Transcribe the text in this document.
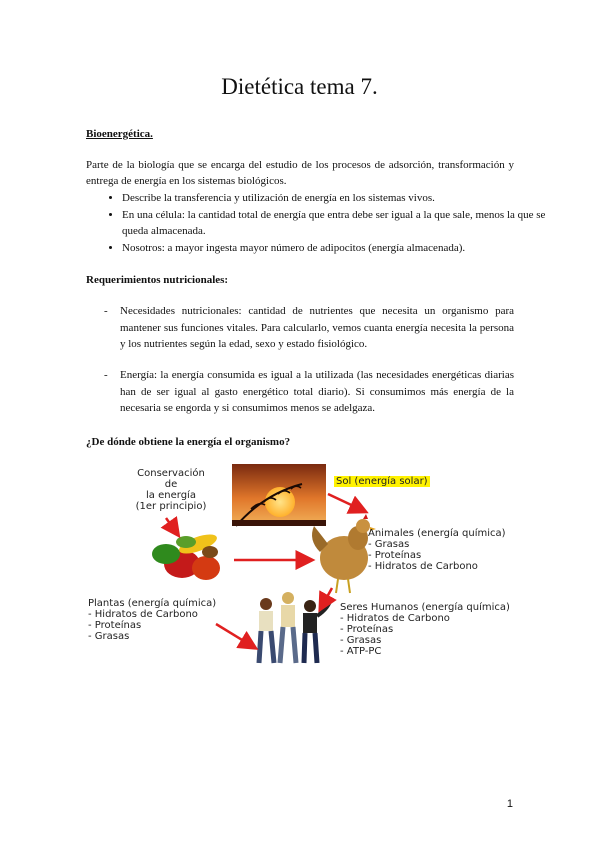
Dietética tema 7.
Bioenergética.
Parte de la biología que se encarga del estudio de los procesos de adsorción, transformación y entrega de energía en los sistemas biológicos.
• Describe la transferencia y utilización de energía en los sistemas vivos.
• En una célula: la cantidad total de energía que entra debe ser igual a la que sale, menos la que se queda almacenada.
• Nosotros: a mayor ingesta mayor número de adipocitos (energía almacenada).
Requerimientos nutricionales:
- Necesidades nutricionales: cantidad de nutrientes que necesita un organismo para mantener sus funciones vitales. Para calcularlo, vemos cuanta energía necesita la persona y los nutrientes según la edad, sexo y estado fisiológico.
- Energía: la energía consumida es igual a la utilizada (las necesidades energéticas diarias han de ser igual al gasto energético total diario). Si consumimos más energía de la necesaria se engorda y si consumimos menos se adelgaza.
¿De dónde obtiene la energía el organismo?
Conservación
de
la energía
(1er principio)
Sol (energía solar)
Animales (energía química)
- Grasas
- Proteínas
- Hidratos de Carbono
Plantas (energía química)
- Hidratos de Carbono
- Proteínas
- Grasas
Seres Humanos (energía química)
- Hidratos de Carbono
- Proteínas
- Grasas
- ATP-PC
1
